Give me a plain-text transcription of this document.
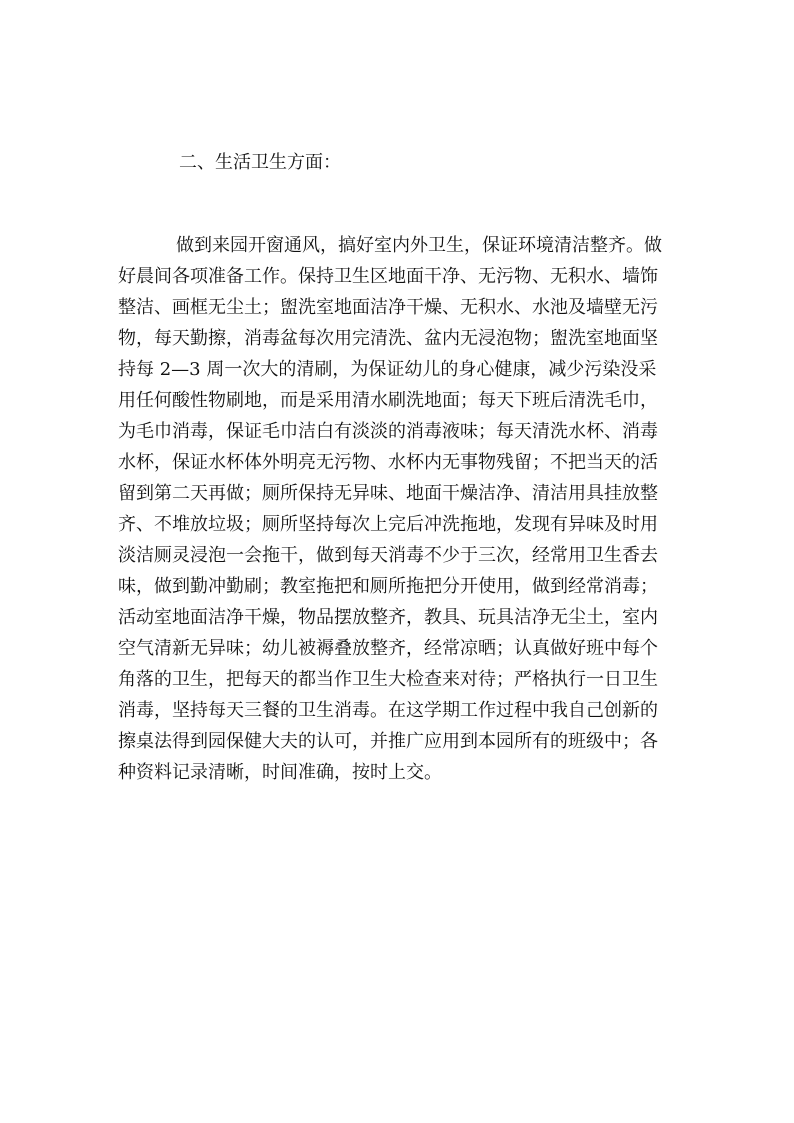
二、生活卫生方面：
做到来园开窗通风，搞好室内外卫生，保证环境清洁整齐。做
好晨间各项准备工作。保持卫生区地面干净、无污物、无积水、墙饰
整洁、画框无尘土；盥洗室地面洁净干燥、无积水、水池及墙壁无污
物，每天勤擦，消毒盆每次用完清洗、盆内无浸泡物；盥洗室地面坚
持每 2—3 周一次大的清刷，为保证幼儿的身心健康，减少污染没采
用任何酸性物刷地，而是采用清水刷洗地面；每天下班后清洗毛巾，
为毛巾消毒，保证毛巾洁白有淡淡的消毒液味；每天清洗水杯、消毒
水杯，保证水杯体外明亮无污物、水杯内无事物残留；不把当天的活
留到第二天再做；厕所保持无异味、地面干燥洁净、清洁用具挂放整
齐、不堆放垃圾；厕所坚持每次上完后冲洗拖地，发现有异味及时用
淡洁厕灵浸泡一会拖干，做到每天消毒不少于三次，经常用卫生香去
味，做到勤冲勤刷；教室拖把和厕所拖把分开使用，做到经常消毒；
活动室地面洁净干燥，物品摆放整齐，教具、玩具洁净无尘土，室内
空气清新无异味；幼儿被褥叠放整齐，经常凉晒；认真做好班中每个
角落的卫生，把每天的都当作卫生大检查来对待；严格执行一日卫生
消毒，坚持每天三餐的卫生消毒。在这学期工作过程中我自己创新的
擦桌法得到园保健大夫的认可，并推广应用到本园所有的班级中；各
种资料记录清晰，时间准确，按时上交。
